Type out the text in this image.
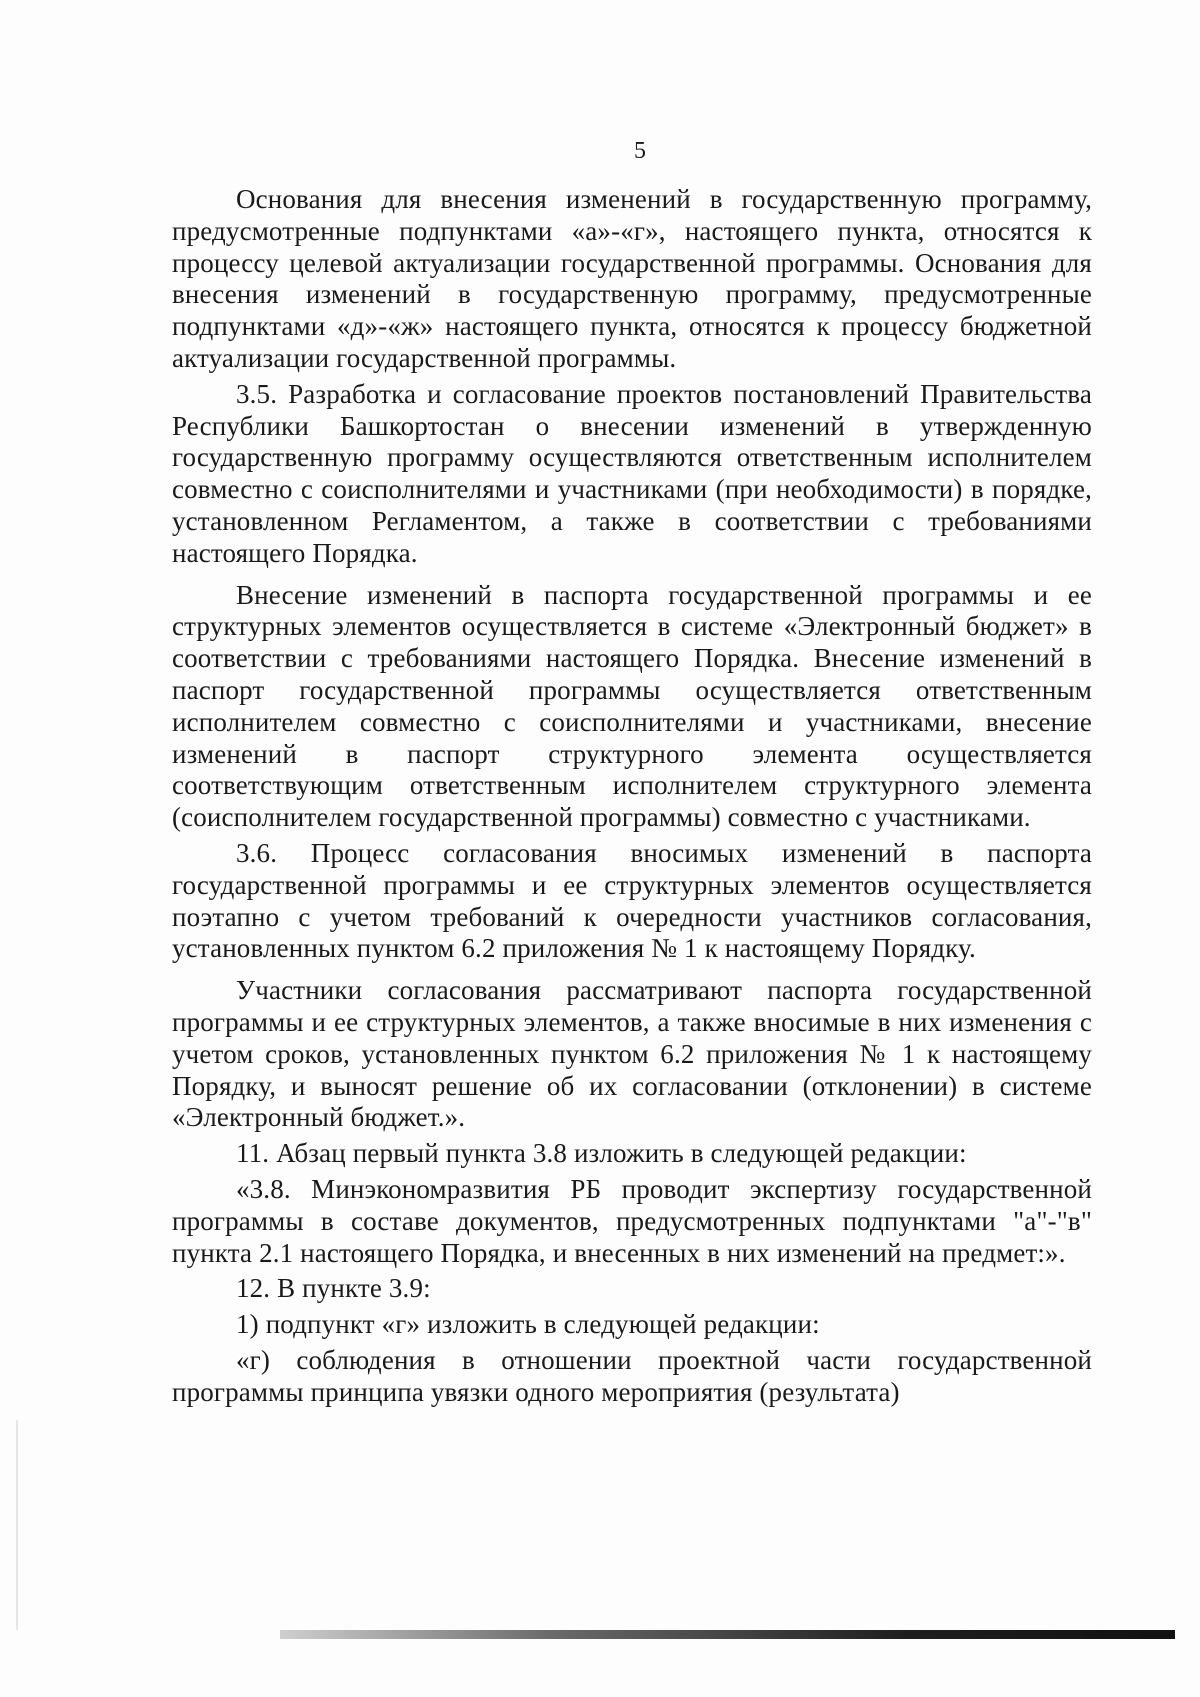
5

Основания для внесения изменений в государственную программу, предусмотренные подпунктами «а»-«г», настоящего пункта, относятся к процессу целевой актуализации государственной программы. Основания для внесения изменений в государственную программу, предусмотренные подпунктами «д»-«ж» настоящего пункта, относятся к процессу бюджетной актуализации государственной программы.

3.5. Разработка и согласование проектов постановлений Правительства Республики Башкортостан о внесении изменений в утвержденную государственную программу осуществляются ответственным исполнителем совместно с соисполнителями и участниками (при необходимости) в порядке, установленном Регламентом, а также в соответствии с требованиями настоящего Порядка.

Внесение изменений в паспорта государственной программы и ее структурных элементов осуществляется в системе «Электронный бюджет» в соответствии с требованиями настоящего Порядка. Внесение изменений в паспорт государственной программы осуществляется ответственным исполнителем совместно с соисполнителями и участниками, внесение изменений в паспорт структурного элемента осуществляется соответствующим ответственным исполнителем структурного элемента (соисполнителем государственной программы) совместно с участниками.

3.6. Процесс согласования вносимых изменений в паспорта государственной программы и ее структурных элементов осуществляется поэтапно с учетом требований к очередности участников согласования, установленных пунктом 6.2 приложения № 1 к настоящему Порядку.

Участники согласования рассматривают паспорта государственной программы и ее структурных элементов, а также вносимые в них изменения с учетом сроков, установленных пунктом 6.2 приложения № 1 к настоящему Порядку, и выносят решение об их согласовании (отклонении) в системе «Электронный бюджет.».

11. Абзац первый пункта 3.8 изложить в следующей редакции:

«3.8. Минэкономразвития РБ проводит экспертизу государственной программы в составе документов, предусмотренных подпунктами "а"-"в" пункта 2.1 настоящего Порядка, и внесенных в них изменений на предмет:».

12. В пункте 3.9:

1) подпункт «г» изложить в следующей редакции:

«г) соблюдения в отношении проектной части государственной программы принципа увязки одного мероприятия (результата)
